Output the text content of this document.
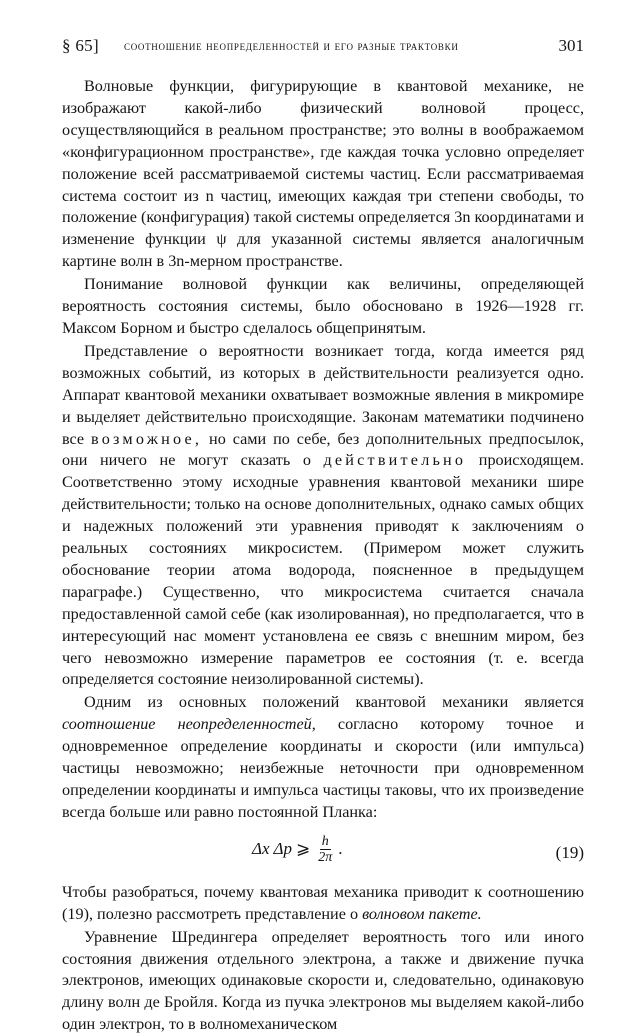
§ 65] соотношение неопределенностей и его разные трактовки	301

Волновые функции, фигурирующие в квантовой механике, не изображают какой-либо физический волновой процесс, осуществляющийся в реальном пространстве; это волны в воображаемом «конфигурационном пространстве», где каждая точка условно определяет положение всей рассматриваемой системы частиц. Если рассматриваемая система состоит из n частиц, имеющих каждая три степени свободы, то положение (конфигурация) такой системы определяется 3n координатами и изменение функции ψ для указанной системы является аналогичным картине волн в 3n-мерном пространстве.

Понимание волновой функции как величины, определяющей вероятность состояния системы, было обосновано в 1926—1928 гг. Максом Борном и быстро сделалось общепринятым.

Представление о вероятности возникает тогда, когда имеется ряд возможных событий, из которых в действительности реализуется одно. Аппарат квантовой механики охватывает возможные явления в микромире и выделяет действительно происходящие. Законам математики подчинено все возможное, но сами по себе, без дополнительных предпосылок, они ничего не могут сказать о действительно происходящем. Соответственно этому исходные уравнения квантовой механики шире действительности; только на основе дополнительных, однако самых общих и надежных положений эти уравнения приводят к заключениям о реальных состояниях микросистем. (Примером может служить обоснование теории атома водорода, поясненное в предыдущем параграфе.) Существенно, что микросистема считается сначала предоставленной самой себе (как изолированная), но предполагается, что в интересующий нас момент установлена ее связь с внешним миром, без чего невозможно измерение параметров ее состояния (т. е. всегда определяется состояние неизолированной системы).

Одним из основных положений квантовой механики является соотношение неопределенностей, согласно которому точное и одновременное определение координаты и скорости (или импульса) частицы невозможно; неизбежные неточности при одновременном определении координаты и импульса частицы таковы, что их произведение всегда больше или равно постоянной Планка:

Δx Δp ⩾ $\frac{h}{2\pi}$ .	(19)

Чтобы разобраться, почему квантовая механика приводит к соотношению (19), полезно рассмотреть представление о волновом пакете.

Уравнение Шредингера определяет вероятность того или иного состояния движения отдельного электрона, а также и движение пучка электронов, имеющих одинаковые скорости и, следовательно, одинаковую длину волн де Бройля. Когда из пучка электронов мы выделяем какой-либо один электрон, то в волномеханическом
